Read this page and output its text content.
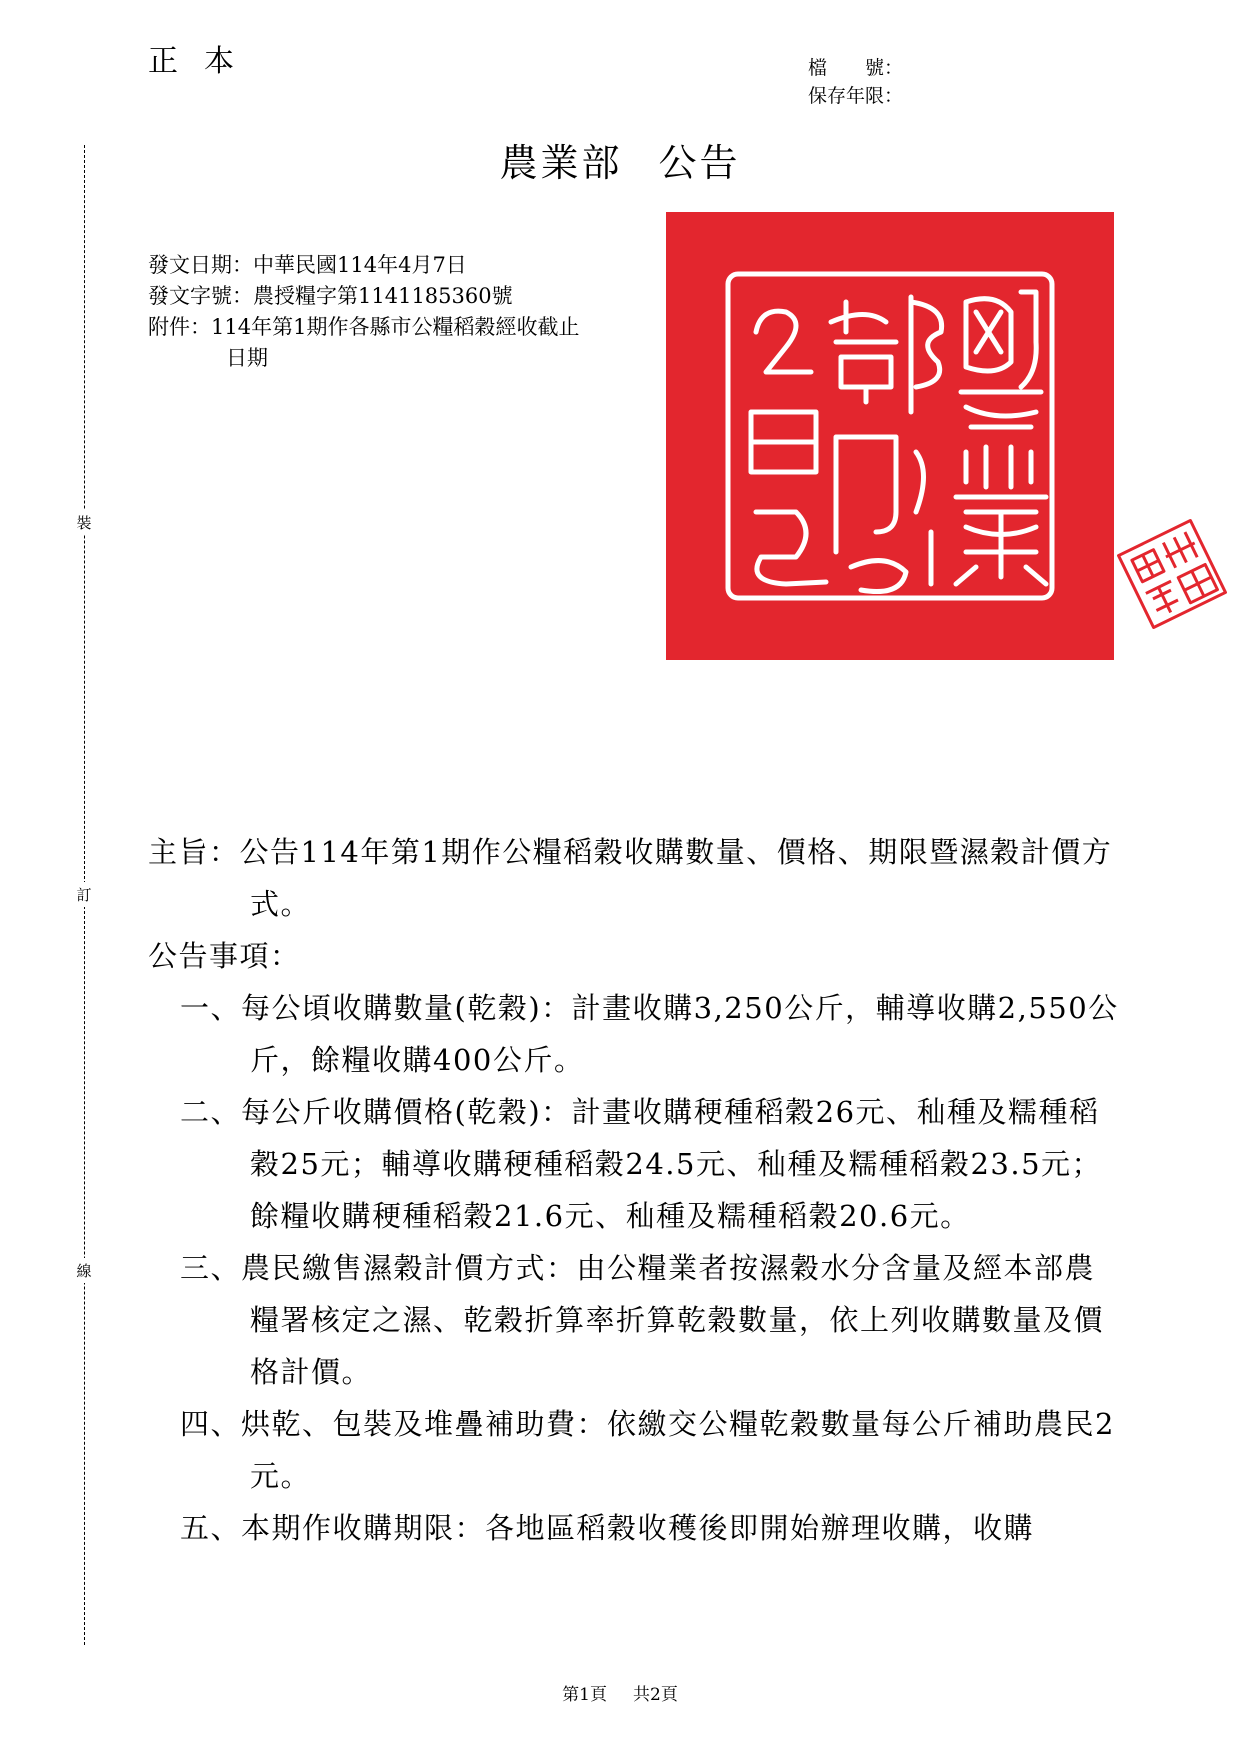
正本	檔　　號：
保存年限：
農業部 公告
裝
訂
線
發文日期：中華民國114年4月7日
發文字號：農授糧字第1141185360號
附件：114年第1期作各縣市公糧稻穀經收截止
日期

主旨：公告114年第1期作公糧稻穀收購數量、價格、期限暨濕穀計價方式。

公告事項：

一、每公頃收購數量(乾穀)：計畫收購3,250公斤，輔導收購2,550公斤，餘糧收購400公斤。

二、每公斤收購價格(乾穀)：計畫收購稉種稻穀26元、秈種及糯種稻穀25元；輔導收購稉種稻穀24.5元、秈種及糯種稻穀23.5元；餘糧收購稉種稻穀21.6元、秈種及糯種稻穀20.6元。

三、農民繳售濕穀計價方式：由公糧業者按濕穀水分含量及經本部農糧署核定之濕、乾穀折算率折算乾穀數量，依上列收購數量及價格計價。

四、烘乾、包裝及堆疊補助費：依繳交公糧乾穀數量每公斤補助農民2元。

五、本期作收購期限：各地區稻穀收穫後即開始辦理收購，收購

第1頁 共2頁
